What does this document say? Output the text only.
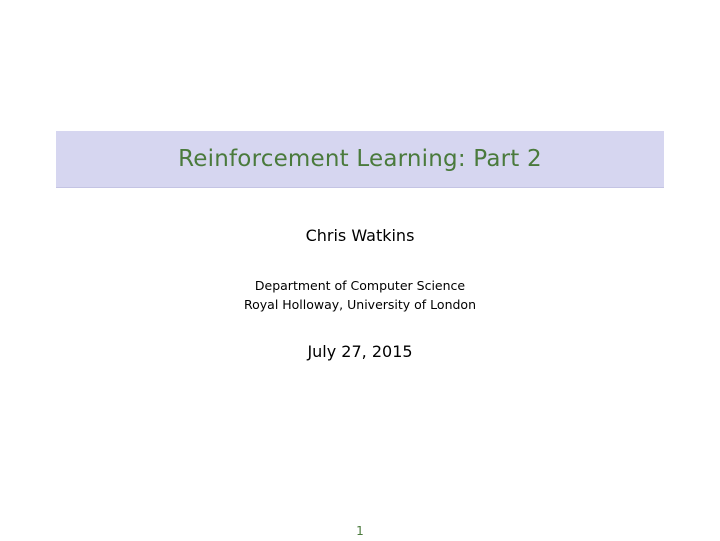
Reinforcement Learning: Part 2
Chris Watkins
Department of Computer Science
Royal Holloway, University of London
July 27, 2015
1
